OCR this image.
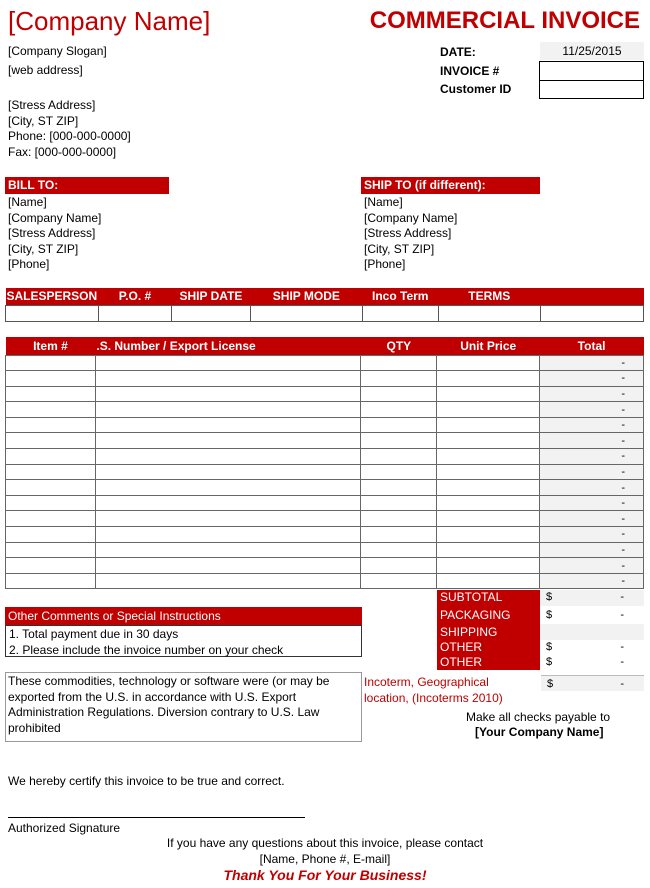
[Company Name]	COMMERCIAL INVOICE
[Company Slogan]
[web address]
[Stress Address]
[City, ST ZIP]
Phone: [000-000-0000]
Fax: [000-000-0000]
DATE:	11/25/2015
INVOICE #
Customer ID
BILL TO:
[Name]
[Company Name]
[Stress Address]
[City, ST ZIP]
[Phone]
SHIP TO (if different):
[Name]
[Company Name]
[Stress Address]
[City, ST ZIP]
[Phone]
SALESPERSON	P.O. #	SHIP DATE	SHIP MODE	Inco Term	TERMS	

Item #	.S. Number / Export License	QTY	Unit Price	Total
				-
				-
				-
				-
				-
				-
				-
				-
				-
				-
				-
				-
				-
				-
				-
SUBTOTAL	$	-
PACKAGING	$	-
SHIPPING
OTHER	$	-
OTHER	$	-
$	-
Other Comments or Special Instructions
1. Total payment due in 30 days
2. Please include the invoice number on your check
These commodities, technology or software were (or may be
exported from the U.S. in accordance with U.S. Export
Administration Regulations. Diversion contrary to U.S. Law
prohibited
Incoterm, Geographical
location, (Incoterms 2010)
Make all checks payable to
[Your Company Name]
We hereby certify this invoice to be true and correct.
Authorized Signature
If you have any questions about this invoice, please contact
[Name, Phone #, E-mail]
Thank You For Your Business!
